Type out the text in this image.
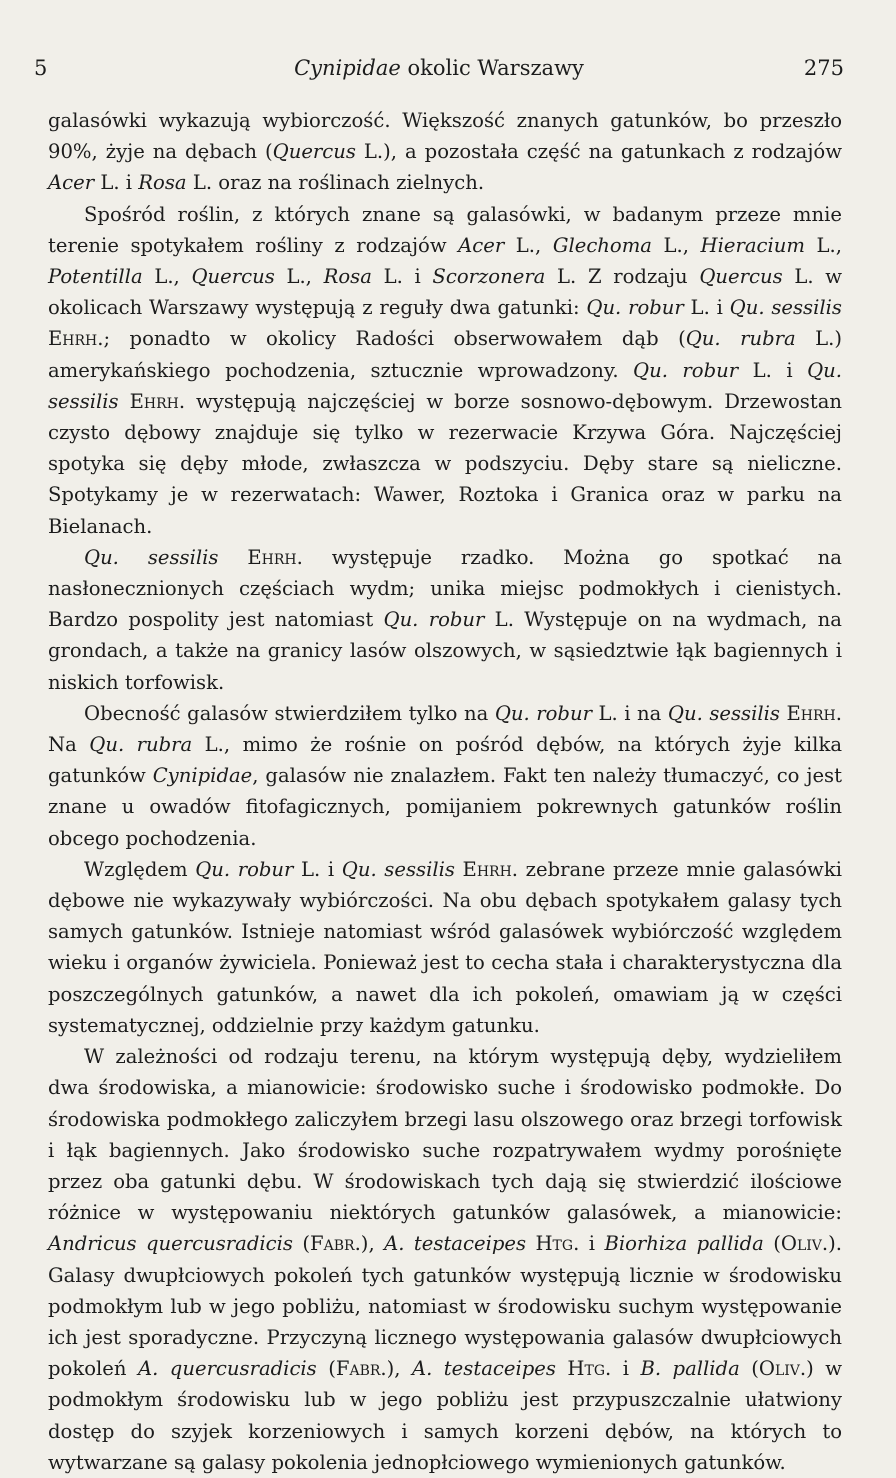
5	Cynipidae okolic Warszawy	275

galasówki wykazują wybiorczość. Większość znanych gatunków, bo przeszło 90%, żyje na dębach (Quercus L.), a pozostała część na gatunkach z rodzajów Acer L. i Rosa L. oraz na roślinach zielnych.

Spośród roślin, z których znane są galasówki, w badanym przeze mnie terenie spotykałem rośliny z rodzajów Acer L., Glechoma L., Hieracium L., Potentilla L., Quercus L., Rosa L. i Scorzonera L. Z rodzaju Quercus L. w okolicach Warszawy występują z reguły dwa gatunki: Qu. robur L. i Qu. sessilis Ehrh.; ponadto w okolicy Radości obserwowałem dąb (Qu. rubra L.) amerykańskiego pochodzenia, sztucznie wprowadzony. Qu. robur L. i Qu. sessilis Ehrh. występują najczęściej w borze sosnowo-dębowym. Drzewostan czysto dębowy znajduje się tylko w rezerwacie Krzywa Góra. Najczęściej spotyka się dęby młode, zwłaszcza w podszyciu. Dęby stare są nieliczne. Spotykamy je w rezerwatach: Wawer, Roztoka i Granica oraz w parku na Bielanach.

Qu. sessilis Ehrh. występuje rzadko. Można go spotkać na nasłonecznionych częściach wydm; unika miejsc podmokłych i cienistych. Bardzo pospolity jest natomiast Qu. robur L. Występuje on na wydmach, na grondach, a także na granicy lasów olszowych, w sąsiedztwie łąk bagiennych i niskich torfowisk.

Obecność galasów stwierdziłem tylko na Qu. robur L. i na Qu. sessilis Ehrh. Na Qu. rubra L., mimo że rośnie on pośród dębów, na których żyje kilka gatunków Cynipidae, galasów nie znalazłem. Fakt ten należy tłumaczyć, co jest znane u owadów fitofagicznych, pomijaniem pokrewnych gatunków roślin obcego pochodzenia.

Względem Qu. robur L. i Qu. sessilis Ehrh. zebrane przeze mnie galasówki dębowe nie wykazywały wybiórczości. Na obu dębach spotykałem galasy tych samych gatunków. Istnieje natomiast wśród galasówek wybiórczość względem wieku i organów żywiciela. Ponieważ jest to cecha stała i charakterystyczna dla poszczególnych gatunków, a nawet dla ich pokoleń, omawiam ją w części systematycznej, oddzielnie przy każdym gatunku.

W zależności od rodzaju terenu, na którym występują dęby, wydzieliłem dwa środowiska, a mianowicie: środowisko suche i środowisko podmokłe. Do środowiska podmokłego zaliczyłem brzegi lasu olszowego oraz brzegi torfowisk i łąk bagiennych. Jako środowisko suche rozpatrywałem wydmy porośnięte przez oba gatunki dębu. W środowiskach tych dają się stwierdzić ilościowe różnice w występowaniu niektórych gatunków galasówek, a mianowicie: Andricus quercusradicis (Fabr.), A. testaceipes Htg. i Biorhiza pallida (Oliv.). Galasy dwupłciowych pokoleń tych gatunków występują licznie w środowisku podmokłym lub w jego pobliżu, natomiast w środowisku suchym występowanie ich jest sporadyczne. Przyczyną licznego występowania galasów dwupłciowych pokoleń A. quercusradicis (Fabr.), A. testaceipes Htg. i B. pallida (Oliv.) w podmokłym środowisku lub w jego pobliżu jest przypuszczalnie ułatwiony dostęp do szyjek korzeniowych i samych korzeni dębów, na których to wytwarzane są galasy pokolenia jednopłciowego wymienionych gatunków.
